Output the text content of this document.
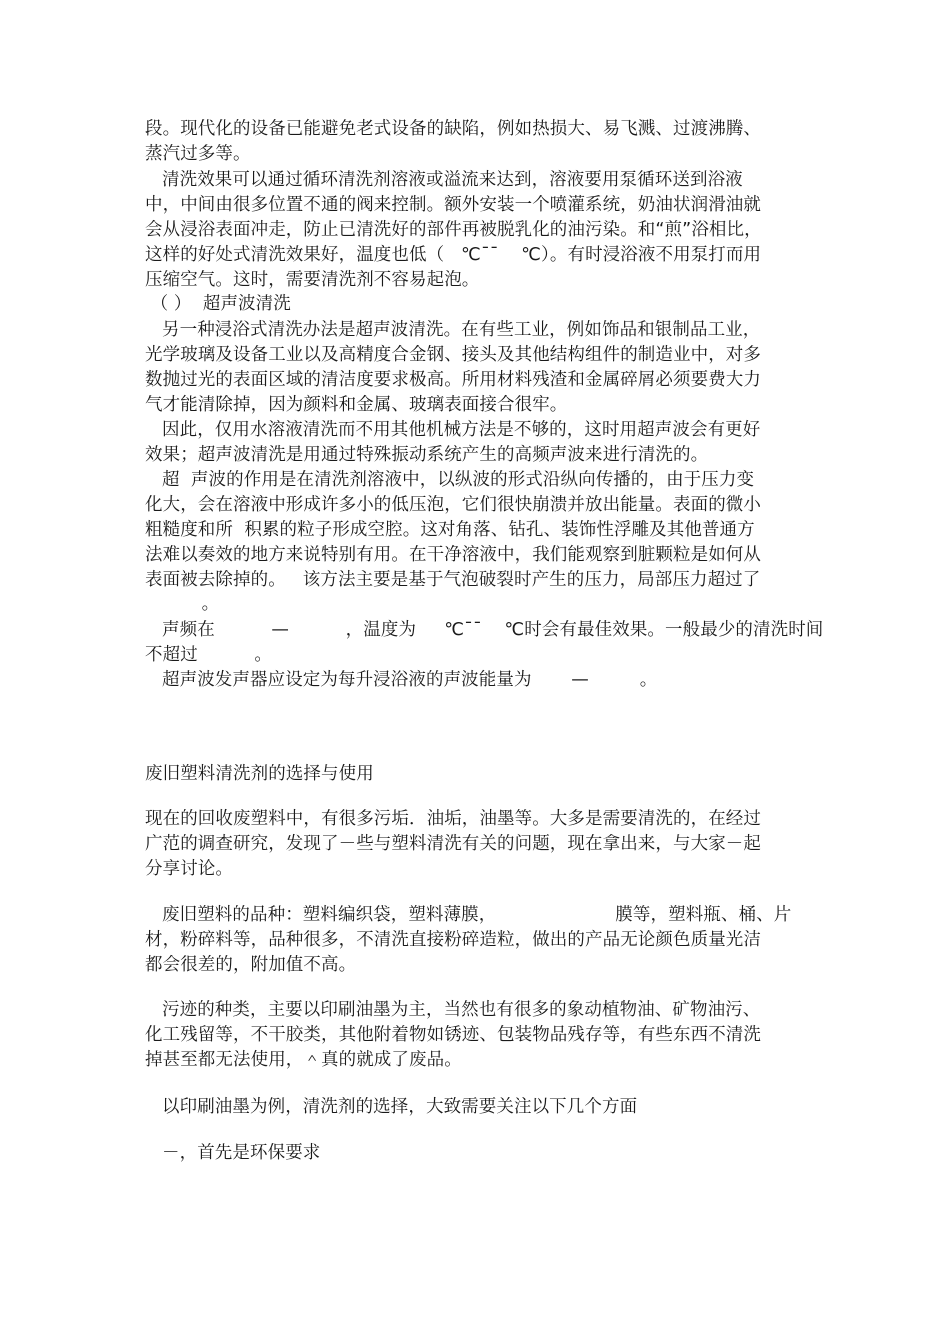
段。现代化的设备已能避免老式设备的缺陷，例如热损大、易飞溅、过渡沸腾、
蒸汽过多等。
清洗效果可以通过循环清洗剂溶液或溢流来达到，溶液要用泵循环送到浴液
中，中间由很多位置不通的阀来控制。额外安装一个喷灌系统，奶油状润滑油就
会从浸浴表面冲走，防止已清洗好的部件再被脱乳化的油污染。和“煎”浴相比，
这样的好处式清洗效果好，温度也低（   ℃¯¯    ℃）。有时浸浴液不用泵打而用
压缩空气。这时，需要清洗剂不容易起泡。
（ ）  超声波清洗
另一种浸浴式清洗办法是超声波清洗。在有些工业，例如饰品和银制品工业，
光学玻璃及设备工业以及高精度合金钢、接头及其他结构组件的制造业中，对多
数抛过光的表面区域的清洁度要求极高。所用材料残渣和金属碎屑必须要费大力
气才能清除掉，因为颜料和金属、玻璃表面接合很牢。
因此，仅用水溶液清洗而不用其他机械方法是不够的，这时用超声波会有更好
效果；超声波清洗是用通过特殊振动系统产生的高频声波来进行清洗的。
超  声波的作用是在清洗剂溶液中，以纵波的形式沿纵向传播的，由于压力变
化大，会在溶液中形成许多小的低压泡，它们很快崩溃并放出能量。表面的微小
粗糙度和所  积累的粒子形成空腔。这对角落、钻孔、装饰性浮雕及其他普通方
法难以奏效的地方来说特别有用。在干净溶液中，我们能观察到脏颗粒是如何从
表面被去除掉的。   该方法主要是基于气泡破裂时产生的压力，局部压力超过了
。
声频在          —          ，温度为     ℃¯¯    ℃时会有最佳效果。一般最少的清洗时间
不超过          。
超声波发声器应设定为每升浸浴液的声波能量为       —         。
废旧塑料清洗剂的选择与使用
现在的回收废塑料中，有很多污垢．油垢，油墨等。大多是需要清洗的，在经过
广范的调查研究，发现了－些与塑料清洗有关的问题，现在拿出来，与大家－起
分享讨论。
废旧塑料的品种：塑料编织袋，塑料薄膜，                     膜等，塑料瓶、桶、片
材，粉碎料等，品种很多，不清洗直接粉碎造粒，做出的产品无论颜色质量光洁
都会很差的，附加值不高。
污迹的种类，主要以印刷油墨为主，当然也有很多的象动植物油、矿物油污、
化工残留等，不干胶类，其他附着物如锈迹、包装物品残存等，有些东西不清洗
掉甚至都无法使用，＾真的就成了废品。
以印刷油墨为例，清洗剂的选择，大致需要关注以下几个方面
－，首先是环保要求
